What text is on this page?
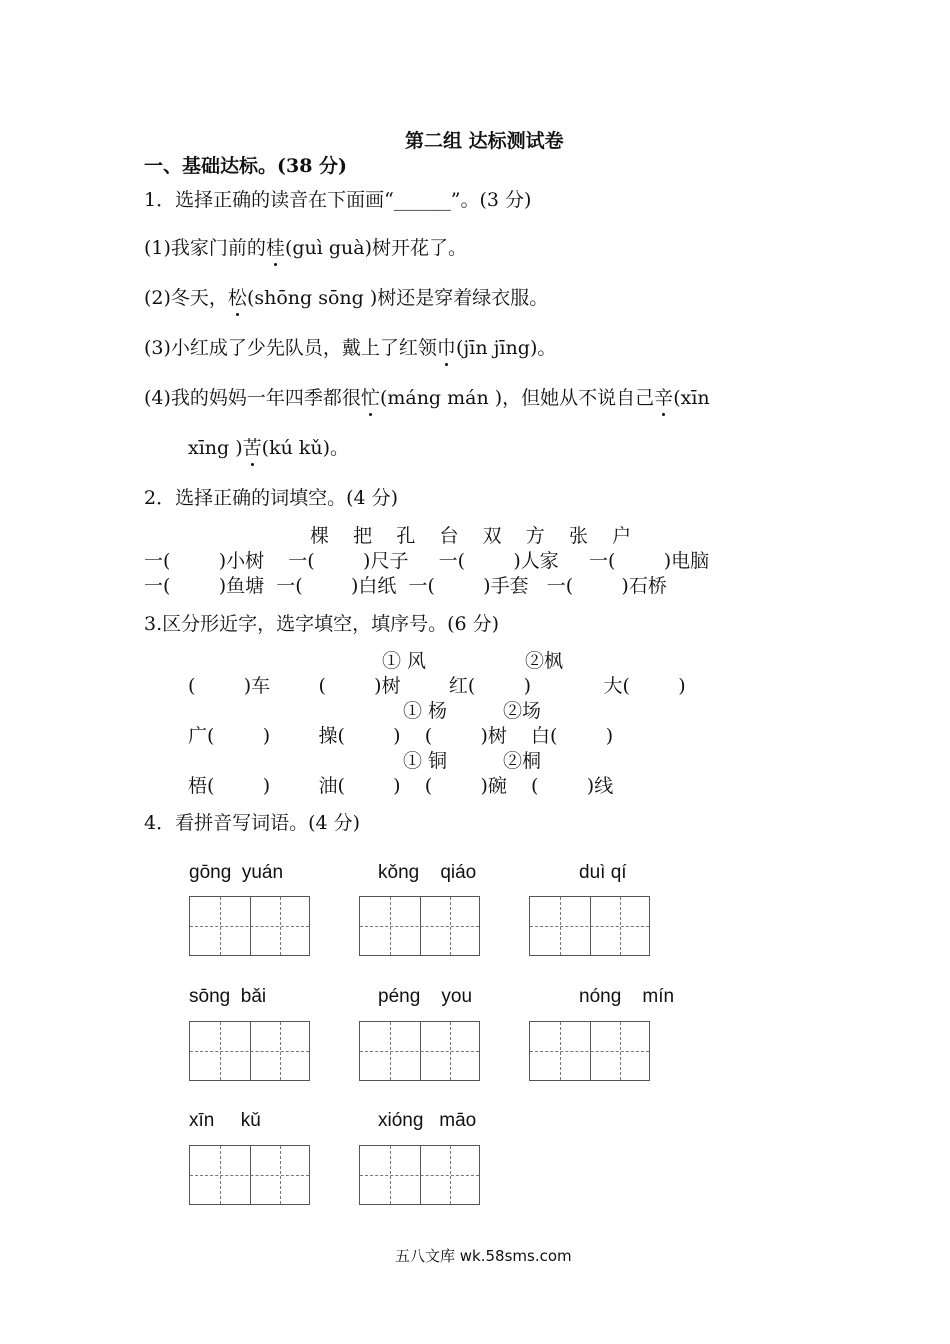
第二组 达标测试卷
一、基础达标。(38 分)
1．选择正确的读音在下面画“______”。(3 分)
(1)我家门前的桂(guì guà)树开花了。
(2)冬天，松(shōng sōng )树还是穿着绿衣服。
(3)小红成了少先队员，戴上了红领巾(jīn jīng)。
(4)我的妈妈一年四季都很忙(máng mán )，但她从不说自己辛(xīn
xīng )苦(kú kǔ)。
2．选择正确的词填空。(4 分)
棵    把    孔    台    双    方    张    户
一(        )小树    一(        )尺子     一(        )人家     一(        )电脑
一(        )鱼塘  一(        )白纸  一(        )手套   一(        )石桥
3.区分形近字，选字填空，填序号。(6 分)
① 风	②枫
(        )车        (        )树        红(        )            大(        )
① 杨	②场
广(        )        操(        )    (        )树    白(        )
① 铜	②桐
梧(        )        油(        )    (        )碗    (        )线
4．看拼音写词语。(4 分)
gōng  yuán	kǒng    qiáo	duì qí
sōng  bǎi	péng    you	nóng    mín
xīn     kǔ	xióng   māo
五八文库 wk.58sms.com
